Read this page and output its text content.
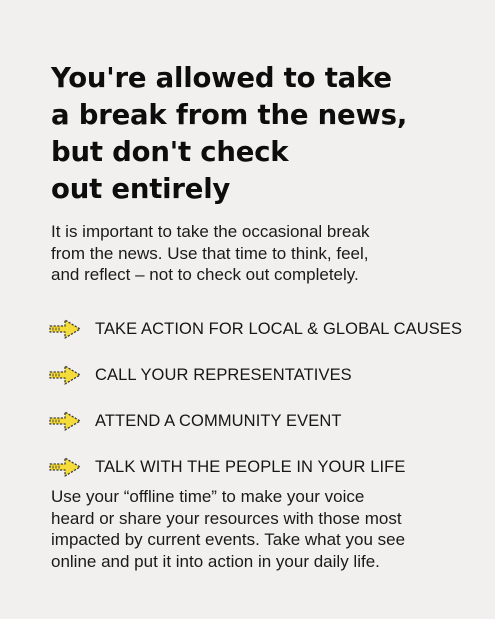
You're allowed to take
a break from the news,
but don't check
out entirely

It is important to take the occasional break
from the news. Use that time to think, feel,
and reflect – not to check out completely.

TAKE ACTION FOR LOCAL & GLOBAL CAUSES
CALL YOUR REPRESENTATIVES
ATTEND A COMMUNITY EVENT
TALK WITH THE PEOPLE IN YOUR LIFE

Use your “offline time” to make your voice
heard or share your resources with those most
impacted by current events. Take what you see
online and put it into action in your daily life.
